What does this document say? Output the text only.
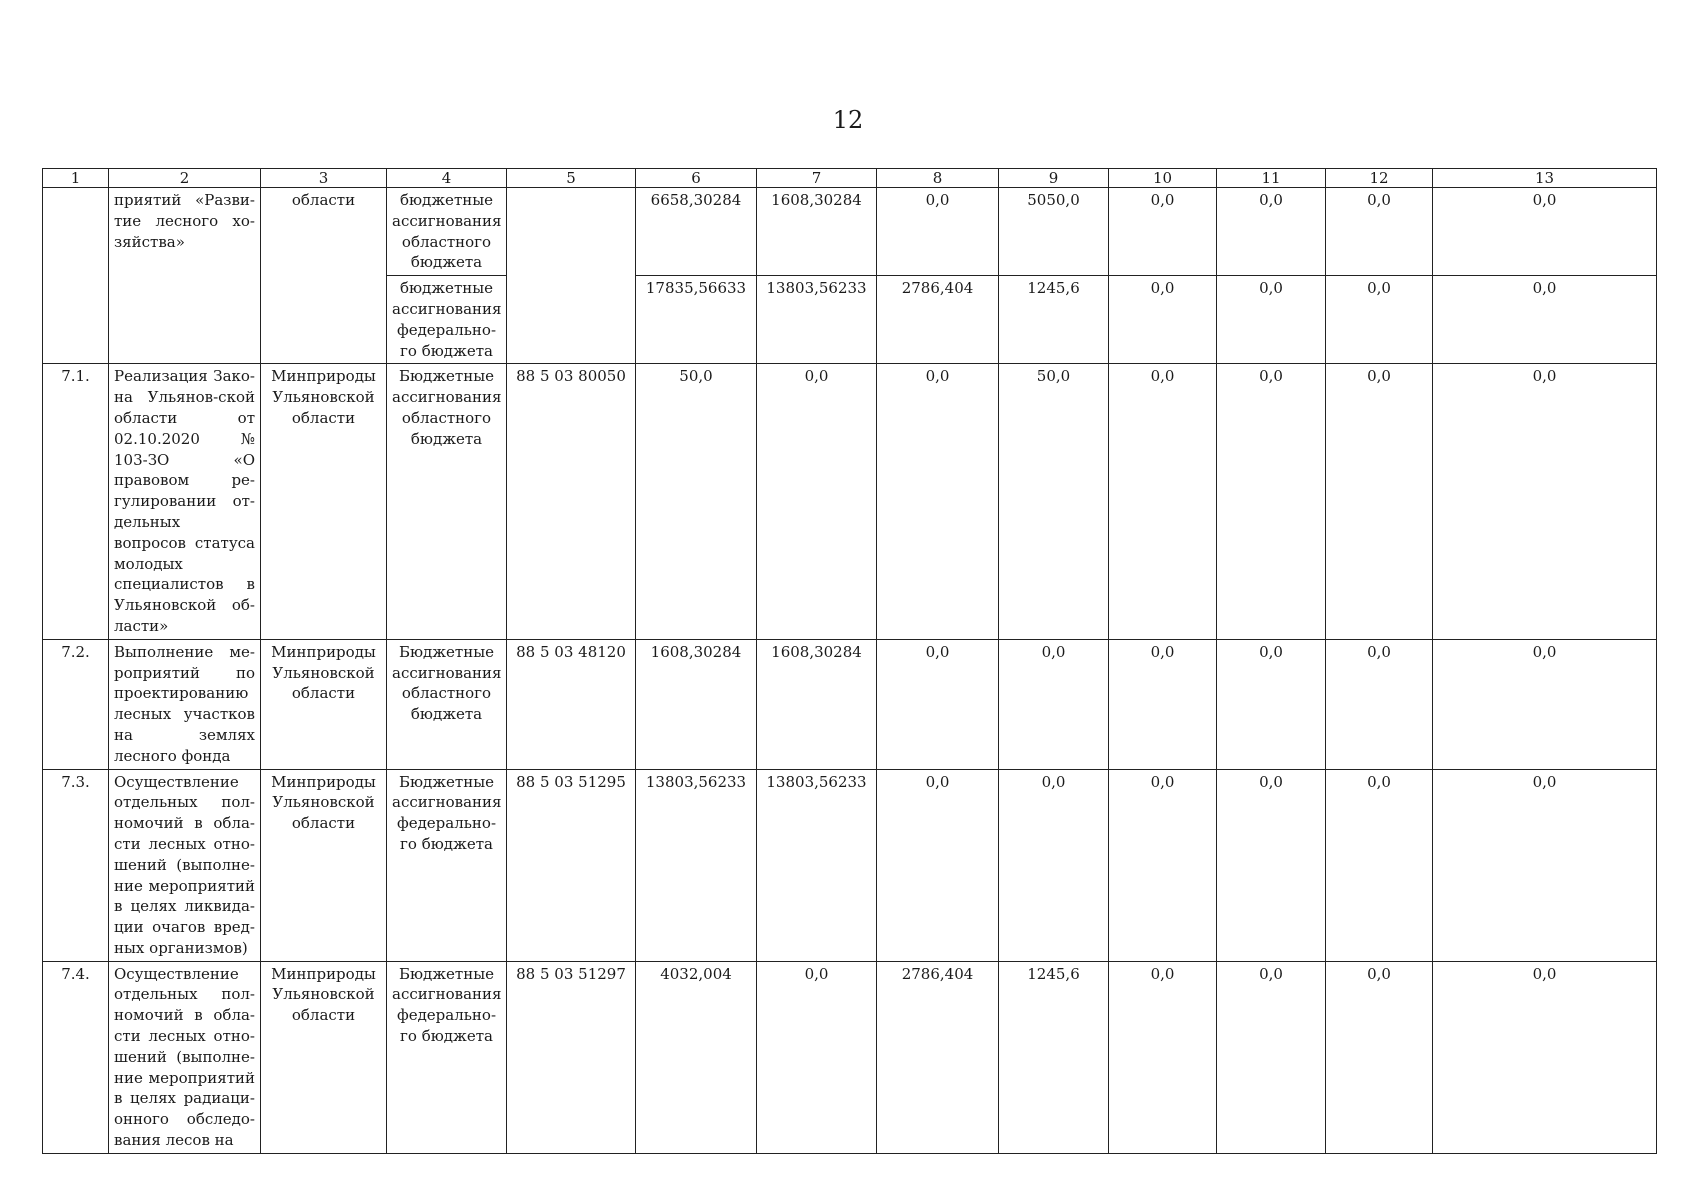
12
1	2	3	4	5	6	7	8	9	10	11	12	13
	приятий «Разви-тие лесного хо-зяйства»	области	бюджетные ассигнования областного бюджета		6658,30284	1608,30284	0,0	5050,0	0,0	0,0	0,0	0,0
			бюджетные ассигнования федерально-го бюджета		17835,56633	13803,56233	2786,404	1245,6	0,0	0,0	0,0	0,0
7.1.	Реализация Зако-на Ульянов-ской области от 02.10.2020 № 103-ЗО «О правовом ре-гулировании от-дельных вопросов статуса молодых специалистов в Ульяновской об-ласти»	Минприроды Ульяновской области	Бюджетные ассигнования областного бюджета	88 5 03 80050	50,0	0,0	0,0	50,0	0,0	0,0	0,0	0,0
7.2.	Выполнение ме-роприятий по проектированию лесных участков на землях лесного фонда	Минприроды Ульяновской области	Бюджетные ассигнования областного бюджета	88 5 03 48120	1608,30284	1608,30284	0,0	0,0	0,0	0,0	0,0	0,0
7.3.	Осуществление отдельных пол-номочий в обла-сти лесных отно-шений (выполне-ние мероприятий в целях ликвида-ции очагов вред-ных организмов)	Минприроды Ульяновской области	Бюджетные ассигнования федерально-го бюджета	88 5 03 51295	13803,56233	13803,56233	0,0	0,0	0,0	0,0	0,0	0,0
7.4.	Осуществление отдельных пол-номочий в обла-сти лесных отно-шений (выполне-ние мероприятий в целях радиаци-онного обследо-вания лесов на	Минприроды Ульяновской области	Бюджетные ассигнования федерально-го бюджета	88 5 03 51297	4032,004	0,0	2786,404	1245,6	0,0	0,0	0,0	0,0
